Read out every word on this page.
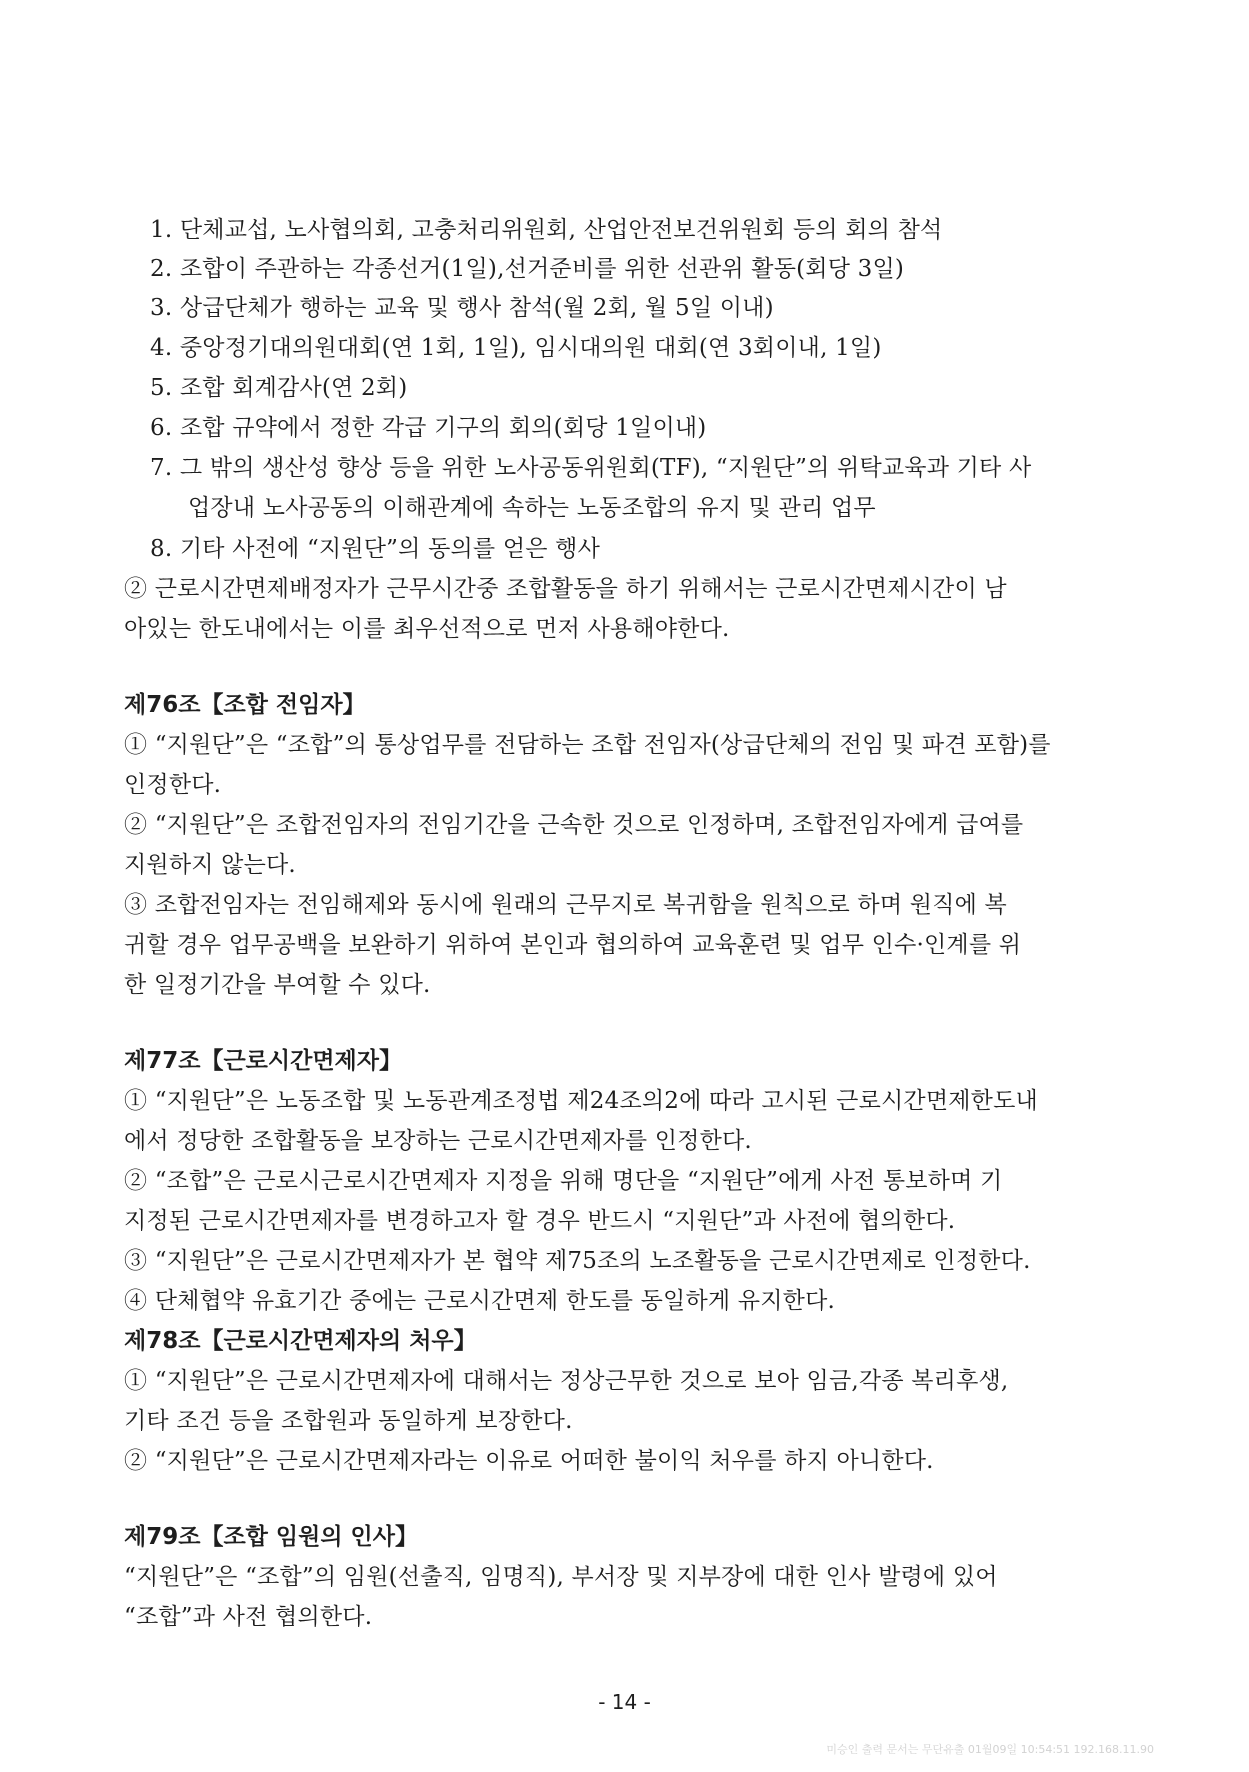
1. 단체교섭, 노사협의회, 고충처리위원회, 산업안전보건위원회 등의 회의 참석
2. 조합이 주관하는 각종선거(1일),선거준비를 위한 선관위 활동(회당 3일)
3. 상급단체가 행하는 교육 및 행사 참석(월 2회, 월 5일 이내)
4. 중앙정기대의원대회(연 1회, 1일), 임시대의원 대회(연 3회이내, 1일)
5. 조합 회계감사(연 2회)
6. 조합 규약에서 정한 각급 기구의 회의(회당 1일이내)
7. 그 밖의 생산성 향상 등을 위한 노사공동위원회(TF), “지원단”의 위탁교육과 기타 사
업장내 노사공동의 이해관계에 속하는 노동조합의 유지 및 관리 업무
8. 기타 사전에 “지원단”의 동의를 얻은 행사
② 근로시간면제배정자가 근무시간중 조합활동을 하기 위해서는 근로시간면제시간이 남
아있는 한도내에서는 이를 최우선적으로 먼저 사용해야한다.
제76조【조합 전임자】
① “지원단”은 “조합”의 통상업무를 전담하는 조합 전임자(상급단체의 전임 및 파견 포함)를
인정한다.
② “지원단”은 조합전임자의 전임기간을 근속한 것으로 인정하며, 조합전임자에게 급여를
지원하지 않는다.
③ 조합전임자는 전임해제와 동시에 원래의 근무지로 복귀함을 원칙으로 하며 원직에 복
귀할 경우 업무공백을 보완하기 위하여 본인과 협의하여 교육훈련 및 업무 인수·인계를 위
한 일정기간을 부여할 수 있다.
제77조【근로시간면제자】
① “지원단”은 노동조합 및 노동관계조정법 제24조의2에 따라 고시된 근로시간면제한도내
에서 정당한 조합활동을 보장하는 근로시간면제자를 인정한다.
② “조합”은 근로시근로시간면제자 지정을 위해 명단을 “지원단”에게 사전 통보하며 기
지정된 근로시간면제자를 변경하고자 할 경우 반드시 “지원단”과 사전에 협의한다.
③ “지원단”은 근로시간면제자가 본 협약 제75조의 노조활동을 근로시간면제로 인정한다.
④ 단체협약 유효기간 중에는 근로시간면제 한도를 동일하게 유지한다.
제78조【근로시간면제자의 처우】
① “지원단”은 근로시간면제자에 대해서는 정상근무한 것으로 보아 임금,각종 복리후생,
기타 조건 등을 조합원과 동일하게 보장한다.
② “지원단”은 근로시간면제자라는 이유로 어떠한 불이익 처우를 하지 아니한다.
제79조【조합 임원의 인사】
“지원단”은 “조합”의 임원(선출직, 임명직), 부서장 및 지부장에 대한 인사 발령에 있어
“조합”과 사전 협의한다.
- 14 -
미승인 출력 문서는 무단유출 01월09일 10:54:51 192.168.11.90
